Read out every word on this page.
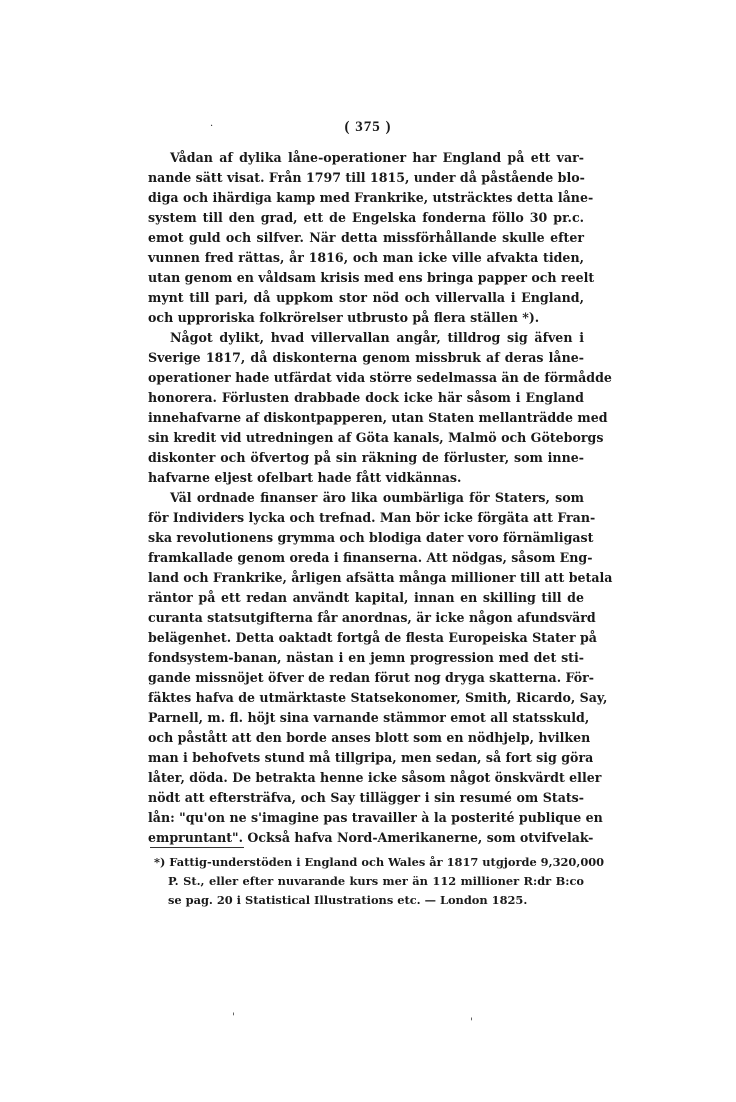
·	( 375 )
Vådan af dylika låne-operationer har England på ett var-
nande sätt visat. Från 1797 till 1815, under då påstående blo-
diga och ihärdiga kamp med Frankrike, utsträcktes detta låne-
system till den grad, ett de Engelska fonderna föllo 30 pr.c.
emot guld och silfver. När detta missförhållande skulle efter
vunnen fred rättas, år 1816, och man icke ville afvakta tiden,
utan genom en våldsam krisis med ens bringa papper och reelt
mynt till pari, då uppkom stor nöd och villervalla i England,
och upproriska folkrörelser utbrusto på flera ställen *).
Något dylikt, hvad villervallan angår, tilldrog sig äfven i
Sverige 1817, då diskonterna genom missbruk af deras låne-
operationer hade utfärdat vida större sedelmassa än de förmådde
honorera. Förlusten drabbade dock icke här såsom i England
innehafvarne af diskontpapperen, utan Staten mellanträdde med
sin kredit vid utredningen af Göta kanals, Malmö och Göteborgs
diskonter och öfvertog på sin räkning de förluster, som inne-
hafvarne eljest ofelbart hade fått vidkännas.
Väl ordnade finanser äro lika oumbärliga för Staters, som
för Individers lycka och trefnad. Man bör icke förgäta att Fran-
ska revolutionens grymma och blodiga dater voro förnämligast
framkallade genom oreda i finanserna. Att nödgas, såsom Eng-
land och Frankrike, årligen afsätta många millioner till att betala
räntor på ett redan användt kapital, innan en skilling till de
curanta statsutgifterna får anordnas, är icke någon afundsvärd
belägenhet. Detta oaktadt fortgå de flesta Europeiska Stater på
fondsystem-banan, nästan i en jemn progression med det sti-
gande missnöjet öfver de redan förut nog dryga skatterna. För-
fäktes hafva de utmärktaste Statsekonomer, Smith, Ricardo, Say,
Parnell, m. fl. höjt sina varnande stämmor emot all statsskuld,
och påstått att den borde anses blott som en nödhjelp, hvilken
man i behofvets stund må tillgripa, men sedan, så fort sig göra
låter, döda. De betrakta henne icke såsom något önskvärdt eller
nödt att eftersträfva, och Say tillägger i sin resumé om Stats-
lån: "qu'on ne s'imagine pas travailler à la posterité publique en
empruntant". Också hafva Nord-Amerikanerne, som otvifvelak-
*) Fattig-understöden i England och Wales år 1817 utgjorde 9,320,000
P. St., eller efter nuvarande kurs mer än 112 millioner R:dr B:co
se pag. 20 i Statistical Illustrations etc. — London 1825.
'	'
